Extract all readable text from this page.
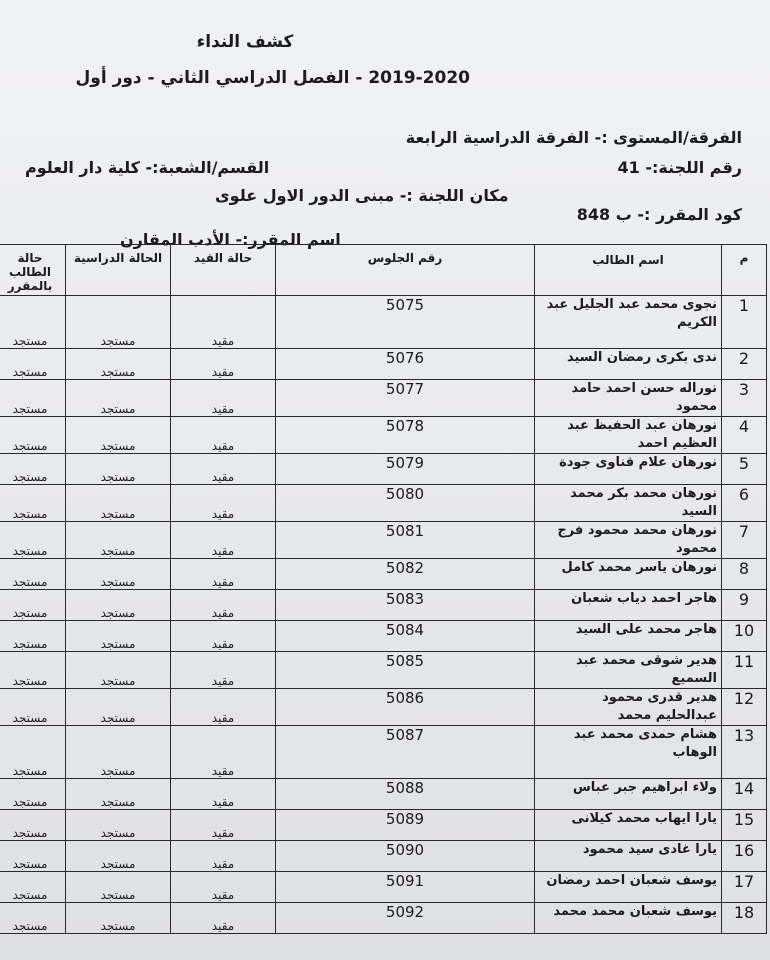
كشف النداء
2019-2020 - الفصل الدراسي الثاني - دور أول
الفرقة/المستوى :- الفرقة الدراسية الرابعة
رقم اللجنة:- 41
القسم/الشعبة:- كلية دار العلوم
مكان اللجنة :- مبنى الدور الاول علوى
كود المقرر :- ب 848
اسم المقرر:- الأدب المقارن
م	اسم الطالب	رقم الجلوس	حالة القيد	الحالة الدراسية	حالة الطالب بالمقرر
1	نجوى محمد عبد الجليل عبد الكريم	5075	مقيد	مستجد	مستجد
2	ندى بكرى رمضان السيد	5076	مقيد	مستجد	مستجد
3	نوراله حسن احمد حامد محمود	5077	مقيد	مستجد	مستجد
4	نورهان عبد الحفيظ عبد العظيم احمد	5078	مقيد	مستجد	مستجد
5	نورهان علام قناوى جودة	5079	مقيد	مستجد	مستجد
6	نورهان محمد بكر محمد السيد	5080	مقيد	مستجد	مستجد
7	نورهان محمد محمود فرج محمود	5081	مقيد	مستجد	مستجد
8	نورهان ياسر محمد كامل	5082	مقيد	مستجد	مستجد
9	هاجر احمد دياب شعبان	5083	مقيد	مستجد	مستجد
10	هاجر محمد على السيد	5084	مقيد	مستجد	مستجد
11	هدير شوقى محمد عبد السميع	5085	مقيد	مستجد	مستجد
12	هدير قدرى محمود عبدالحليم محمد	5086	مقيد	مستجد	مستجد
13	هشام حمدى محمد عبد الوهاب	5087	مقيد	مستجد	مستجد
14	ولاء ابراهيم جبر عباس	5088	مقيد	مستجد	مستجد
15	يارا ايهاب محمد كيلانى	5089	مقيد	مستجد	مستجد
16	يارا غادى سيد محمود	5090	مقيد	مستجد	مستجد
17	يوسف شعبان احمد رمضان	5091	مقيد	مستجد	مستجد
18	يوسف شعبان محمد محمد	5092	مقيد	مستجد	مستجد
